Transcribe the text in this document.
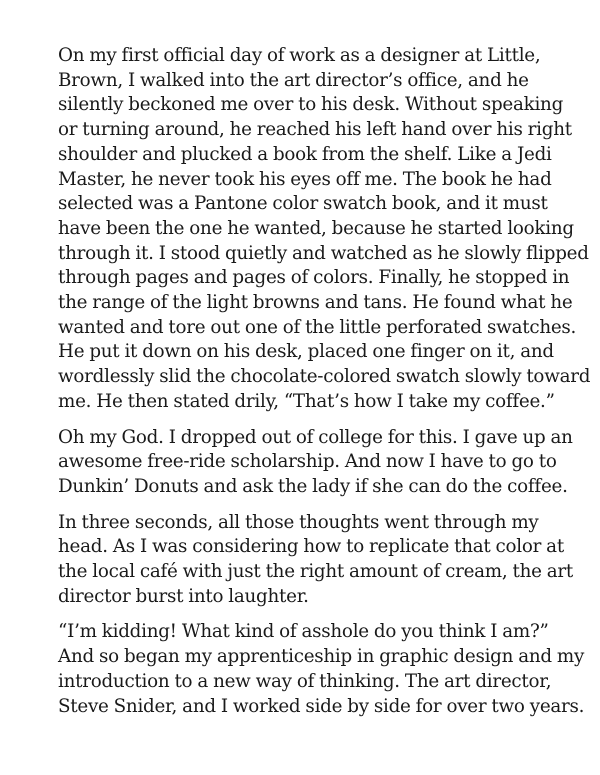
On my first official day of work as a designer at Little,
Brown, I walked into the art director’s office, and he
silently beckoned me over to his desk. Without speaking
or turning around, he reached his left hand over his right
shoulder and plucked a book from the shelf. Like a Jedi
Master, he never took his eyes off me. The book he had
selected was a Pantone color swatch book, and it must
have been the one he wanted, because he started looking
through it. I stood quietly and watched as he slowly flipped
through pages and pages of colors. Finally, he stopped in
the range of the light browns and tans. He found what he
wanted and tore out one of the little perforated swatches.
He put it down on his desk, placed one finger on it, and
wordlessly slid the chocolate-colored swatch slowly toward
me. He then stated drily, “That’s how I take my coffee.”

Oh my God. I dropped out of college for this. I gave up an
awesome free-ride scholarship. And now I have to go to
Dunkin’ Donuts and ask the lady if she can do the coffee.

In three seconds, all those thoughts went through my
head. As I was considering how to replicate that color at
the local café with just the right amount of cream, the art
director burst into laughter.

“I’m kidding! What kind of asshole do you think I am?”
And so began my apprenticeship in graphic design and my
introduction to a new way of thinking. The art director,
Steve Snider, and I worked side by side for over two years.
